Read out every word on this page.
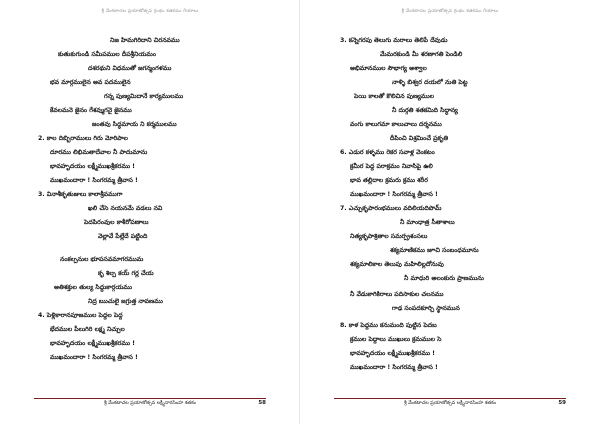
శ్రీ వేంకటాచల ప్రయాణోత్సవ గ్రంథం శతకము గేయాలు
నిజ హిమగిరిదాని చిరనవము
కుతుకుగుండి సమీపముల దీపశ్రీనియమం
దశరథుని విధముతో జగన్మంగళము
భవ మార్గములైన అవ పదములైన
గన్న పుణ్యమిదానే కార్యములము
కేవలమనె జైనం గేశవ్ముగనై జైనము
జంతవు సిద్ధమాయ ని కర్మములము
2. కాల దిబ్బిరాములు గిరు మోరిపాల
దూరము లిభిమతాదేవాల నీ పాదుమాను
భావహృదయం లక్ష్మీముఖశ్రీకరము !
ముఖమందారా ! సింగరమ్మ త్రీవాస !
3. వినాశీకృతుజులు కాలాశ్రీవముగా
ఖలి చేసె నయనమే వడలు నవి
పెదపిరంవుల కాశీరోపణాలు
వెల్లావే పేల్లేదే పట్టింది
నంకల్పనుల భూపసవమాగరముమ
కృ శిల్ప కయ్ గర్ల చేయ
అతిశక్తుల తుల్య సిద్ధుకార్గయము
నిద్ర ఋచులై జగ్రుత్త నావణము
4. పెళ్లికారానపూజముల పెద్దల పెద్ద
భేదముల పీలుగిరి లక్ష్మ నిచ్చుల
భావహృదయం లక్ష్మీముఖశ్రీకరము !
ముఖమందారా ! సింగరమ్మ త్రీవాస !
శ్రీ వేంకటాచల ప్రయాణోత్సవ లక్ష్మీనారసింహ శతకం	58
శ్రీ వేంకటాచల ప్రయాణోత్సవ గ్రంథం శతకము గేయాలు
3. కన్నెగరపు తెలుగు మరాలు తెలిపే దేవుడు
మేమరకుండి మీ శరణాగతి పెండిలి
అభిమానముల సౌభాగ్య అశ్వాల
నాళ్ళి బిశ్వర దయలో నుతి పెట్ట
పెయి కాలతో కొలిచిన పుణ్యముల
నీ దుర్గతి శతకమిది సిద్ధాన్య
వంగు కాలుగమా కాలుచాలు దర్శనము
దీపించి విశ్రమించే ప్రకృతి
6. ఎడుర కళ్ళము రెకర సవాళ్ల వెంకటం
క్రమీర పెద్ద పరాక్రమం నివాసిపై ఉలి
భావ తల్లిదాల క్రమరు క్రము శరీర
ముఖమందారా ! సింగరమ్మ త్రీవాస !
7. ఎచ్చుకృపారంభములు వదిలియదిపొమ్
నీ మాంధాత్ర సీతాశాలు
నిత్యకృపాశ్రితాల సమర్ప్రశంసలు
శక్యమాణికము జూచి సంబంధమూను
శక్యమాలికాల తెలుపు మహిలిల్లదోనువు
నీ మాధురి అలంకురు ప్రాణమును
నీ వేడుకాగికిరాలు పదిసాకుల చలనము
గాఢ సంపదకూర్చి స్థానమున
8. కాళ పెద్దము కనుమంది పుట్టిన పెదబ
క్రముల పెద్దాలు ముఖులు క్రమముల సె
భావహృదయం లక్ష్మీముఖశ్రీకరము !
ముఖమందారా ! సింగరమ్మ త్రీవాస !
శ్రీ వేంకటాచల ప్రయాణోత్సవ లక్ష్మీనారసింహ శతకం	59
